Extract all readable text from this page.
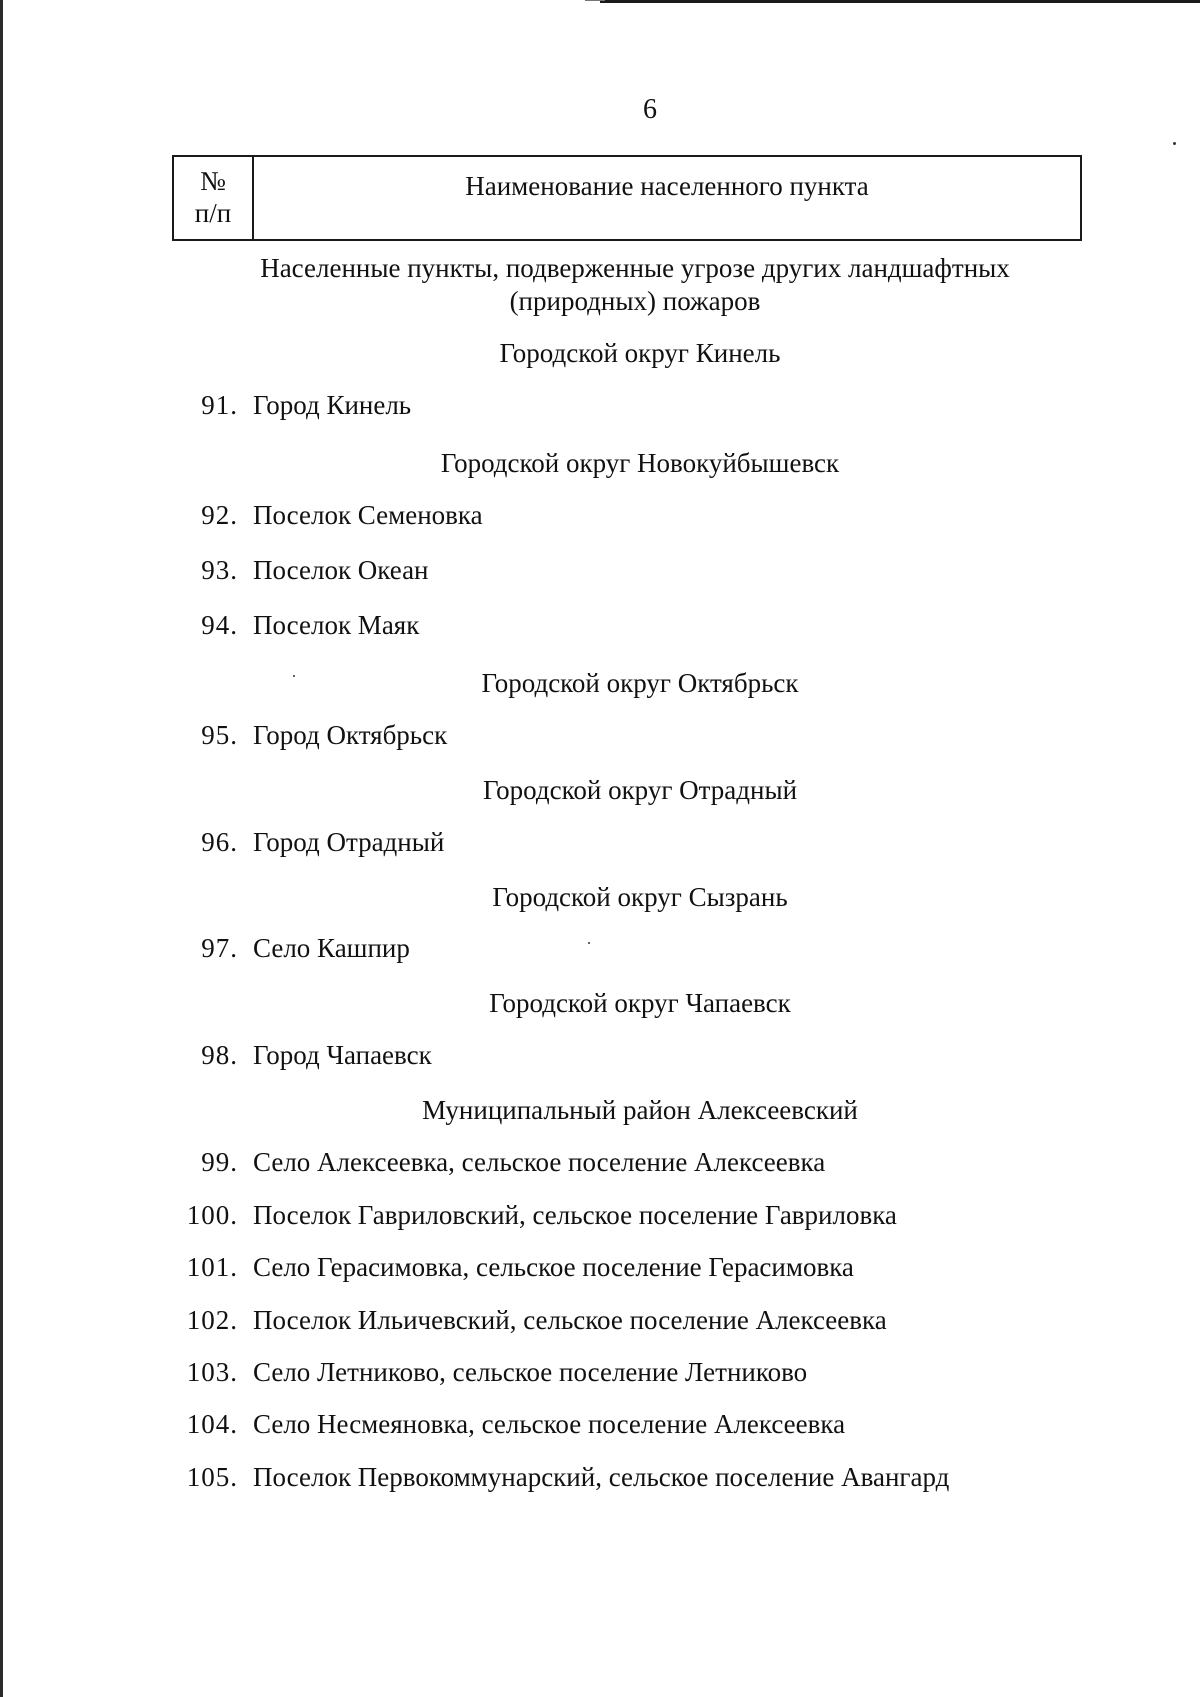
6
№
п/п	Наименование населенного пункта
Населенные пункты, подверженные угрозе других ландшафтных (природных) пожаров
Городской округ Кинель
91. Город Кинель
Городской округ Новокуйбышевск
92. Поселок Семеновка
93. Поселок Океан
94. Поселок Маяк
Городской округ Октябрьск
95. Город Октябрьск
Городской округ Отрадный
96. Город Отрадный
Городской округ Сызрань
97. Село Кашпир
Городской округ Чапаевск
98. Город Чапаевск
Муниципальный район Алексеевский
99. Село Алексеевка, сельское поселение Алексеевка
100. Поселок Гавриловский, сельское поселение Гавриловка
101. Село Герасимовка, сельское поселение Герасимовка
102. Поселок Ильичевский, сельское поселение Алексеевка
103. Село Летниково, сельское поселение Летниково
104. Село Несмеяновка, сельское поселение Алексеевка
105. Поселок Первокоммунарский, сельское поселение Авангард
